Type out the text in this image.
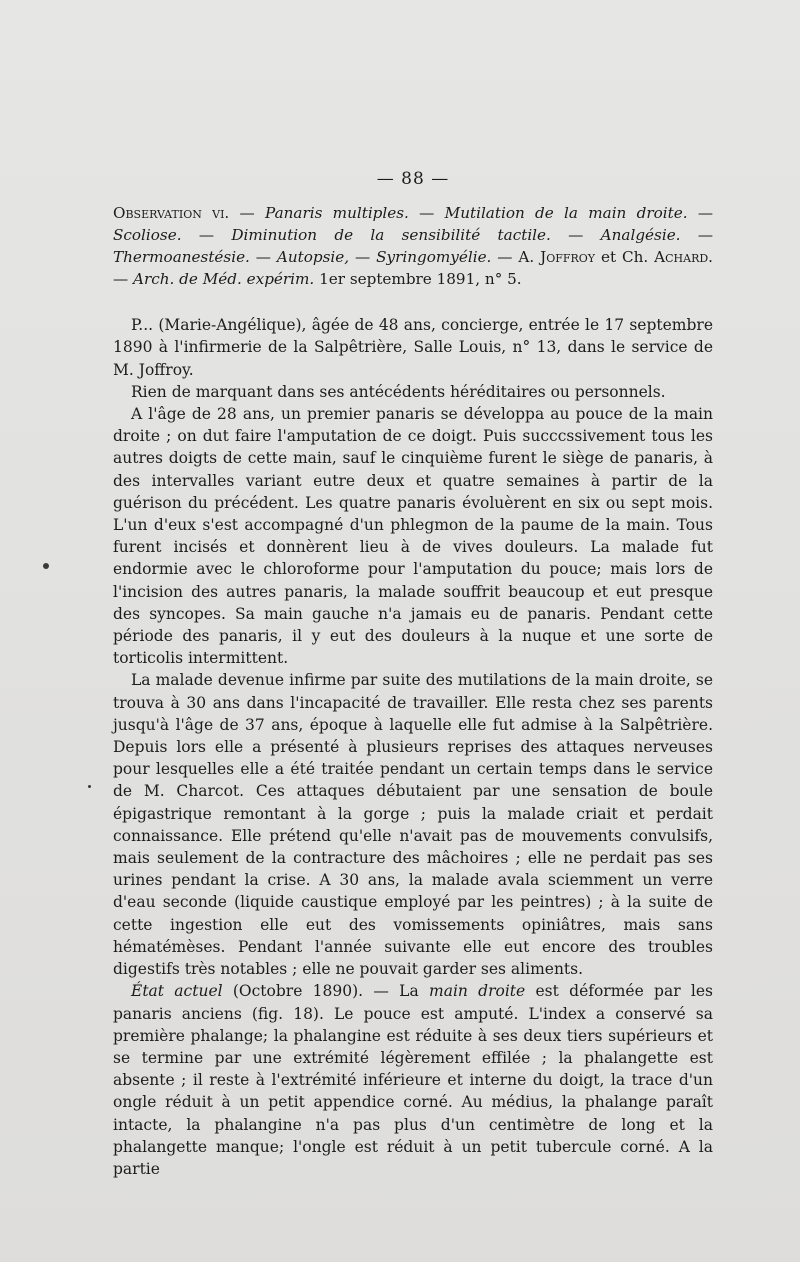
— 88 —

Observation vi. — Panaris multiples. — Mutilation de la main droite. — Scoliose. — Diminution de la sensibilité tactile. — Analgésie. — Thermoanestésie. — Autopsie, — Syringomyélie. — A. Joffroy et Ch. Achard. — Arch. de Méd. expérim. 1er septembre 1891, n° 5.

P... (Marie-Angélique), âgée de 48 ans, concierge, entrée le 17 septembre 1890 à l'infirmerie de la Salpêtrière, Salle Louis, n° 13, dans le service de M. Joffroy.

Rien de marquant dans ses antécédents héréditaires ou personnels.

A l'âge de 28 ans, un premier panaris se développa au pouce de la main droite ; on dut faire l'amputation de ce doigt. Puis succcssivement tous les autres doigts de cette main, sauf le cinquième furent le siège de panaris, à des intervalles variant eutre deux et quatre semaines à partir de la guérison du précédent. Les quatre panaris évoluèrent en six ou sept mois. L'un d'eux s'est accompagné d'un phlegmon de la paume de la main. Tous furent incisés et donnèrent lieu à de vives douleurs. La malade fut endormie avec le chloroforme pour l'amputation du pouce; mais lors de l'incision des autres panaris, la malade souffrit beaucoup et eut presque des syncopes. Sa main gauche n'a jamais eu de panaris. Pendant cette période des panaris, il y eut des douleurs à la nuque et une sorte de torticolis intermittent.

La malade devenue infirme par suite des mutilations de la main droite, se trouva à 30 ans dans l'incapacité de travailler. Elle resta chez ses parents jusqu'à l'âge de 37 ans, époque à laquelle elle fut admise à la Salpêtrière. Depuis lors elle a présenté à plusieurs reprises des attaques nerveuses pour lesquelles elle a été traitée pendant un certain temps dans le service de M. Charcot. Ces attaques débutaient par une sensation de boule épigastrique remontant à la gorge ; puis la malade criait et perdait connaissance. Elle prétend qu'elle n'avait pas de mouvements convulsifs, mais seulement de la contracture des mâchoires ; elle ne perdait pas ses urines pendant la crise. A 30 ans, la malade avala sciemment un verre d'eau seconde (liquide caustique employé par les peintres) ; à la suite de cette ingestion elle eut des vomissements opiniâtres, mais sans hématémèses. Pendant l'année suivante elle eut encore des troubles digestifs très notables ; elle ne pouvait garder ses aliments.

État actuel (Octobre 1890). — La main droite est déformée par les panaris anciens (fig. 18). Le pouce est amputé. L'index a conservé sa première phalange; la phalangine est réduite à ses deux tiers supérieurs et se termine par une extrémité légèrement effilée ; la phalangette est absente ; il reste à l'extrémité inférieure et interne du doigt, la trace d'un ongle réduit à un petit appendice corné. Au médius, la phalange paraît intacte, la phalangine n'a pas plus d'un centimètre de long et la phalangette manque; l'ongle est réduit à un petit tubercule corné. A la partie
